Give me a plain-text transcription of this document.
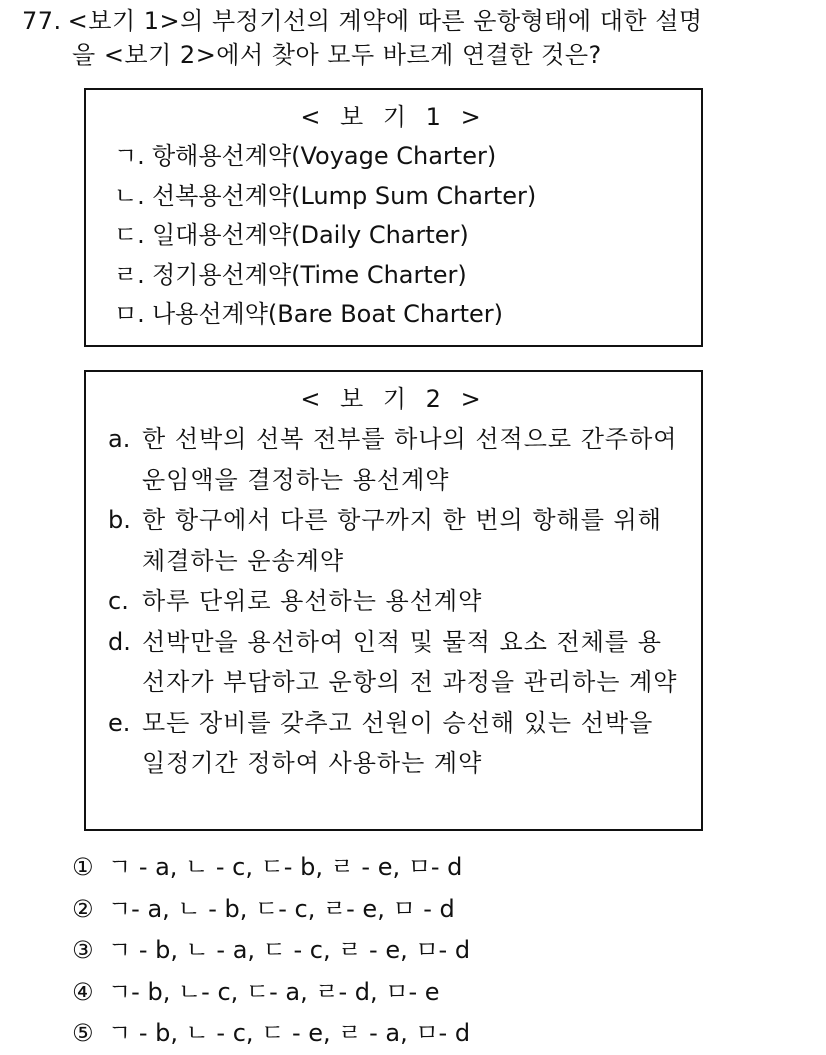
77. <보기 1>의 부정기선의 계약에 따른 운항형태에 대한 설명
을 <보기 2>에서 찾아 모두 바르게 연결한 것은?
< 보 기 1 >
ㄱ. 항해용선계약(Voyage Charter)
ㄴ. 선복용선계약(Lump Sum Charter)
ㄷ. 일대용선계약(Daily Charter)
ㄹ. 정기용선계약(Time Charter)
ㅁ. 나용선계약(Bare Boat Charter)
< 보 기 2 >
a. 한 선박의 선복 전부를 하나의 선적으로 간주하여 운임액을 결정하는 용선계약
b. 한 항구에서 다른 항구까지 한 번의 항해를 위해 체결하는 운송계약
c. 하루 단위로 용선하는 용선계약
d. 선박만을 용선하여 인적 및 물적 요소 전체를 용선자가 부담하고 운항의 전 과정을 관리하는 계약
e. 모든 장비를 갖추고 선원이 승선해 있는 선박을 일정기간 정하여 사용하는 계약
① ㄱ - a, ㄴ - c, ㄷ- b, ㄹ - e, ㅁ- d
② ㄱ- a, ㄴ - b, ㄷ- c, ㄹ- e, ㅁ - d
③ ㄱ - b, ㄴ - a, ㄷ - c, ㄹ - e, ㅁ- d
④ ㄱ- b, ㄴ- c, ㄷ- a, ㄹ- d, ㅁ- e
⑤ ㄱ - b, ㄴ - c, ㄷ - e, ㄹ - a, ㅁ- d
